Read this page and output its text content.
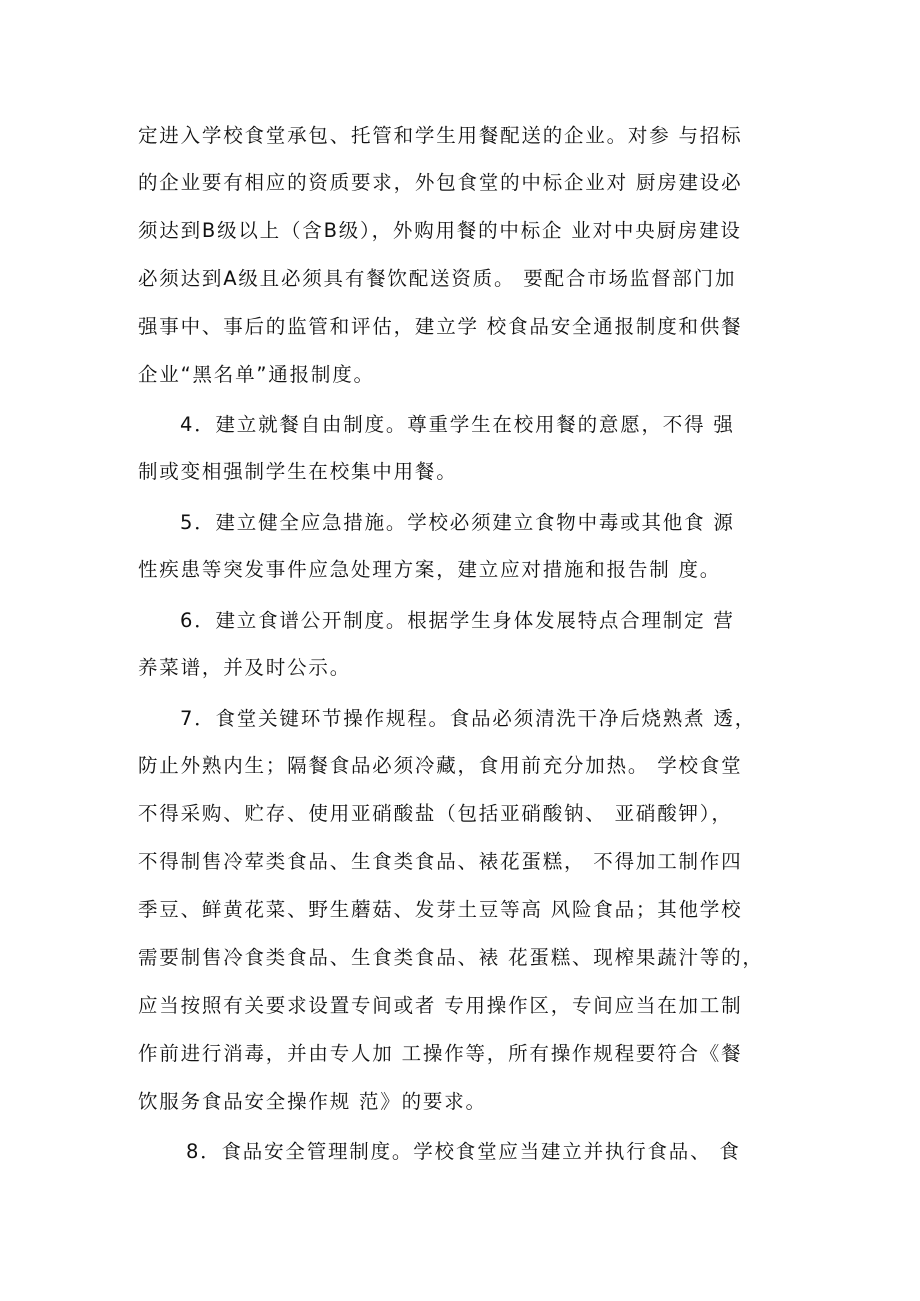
定进入学校食堂承包、托管和学生用餐配送的企业。对参 与招标
的企业要有相应的资质要求，外包食堂的中标企业对 厨房建设必
须达到B级以上（含B级），外购用餐的中标企 业对中央厨房建设
必须达到A级且必须具有餐饮配送资质。 要配合市场监督部门加
强事中、事后的监管和评估，建立学 校食品安全通报制度和供餐
企业“黑名单”通报制度。
4．建立就餐自由制度。尊重学生在校用餐的意愿，不得 强
制或变相强制学生在校集中用餐。
5．建立健全应急措施。学校必须建立食物中毒或其他食 源
性疾患等突发事件应急处理方案，建立应对措施和报告制 度。
6．建立食谱公开制度。根据学生身体发展特点合理制定 营
养菜谱，并及时公示。
7．食堂关键环节操作规程。食品必须清洗干净后烧熟煮 透，
防止外熟内生；隔餐食品必须冷藏，食用前充分加热。 学校食堂
不得采购、贮存、使用亚硝酸盐（包括亚硝酸钠、 亚硝酸钾），
不得制售冷荤类食品、生食类食品、裱花蛋糕， 不得加工制作四
季豆、鲜黄花菜、野生蘑菇、发芽土豆等高 风险食品；其他学校
需要制售冷食类食品、生食类食品、裱 花蛋糕、现榨果蔬汁等的，
应当按照有关要求设置专间或者 专用操作区，专间应当在加工制
作前进行消毒，并由专人加 工操作等，所有操作规程要符合《餐
饮服务食品安全操作规 范》的要求。
8．食品安全管理制度。学校食堂应当建立并执行食品、 食
